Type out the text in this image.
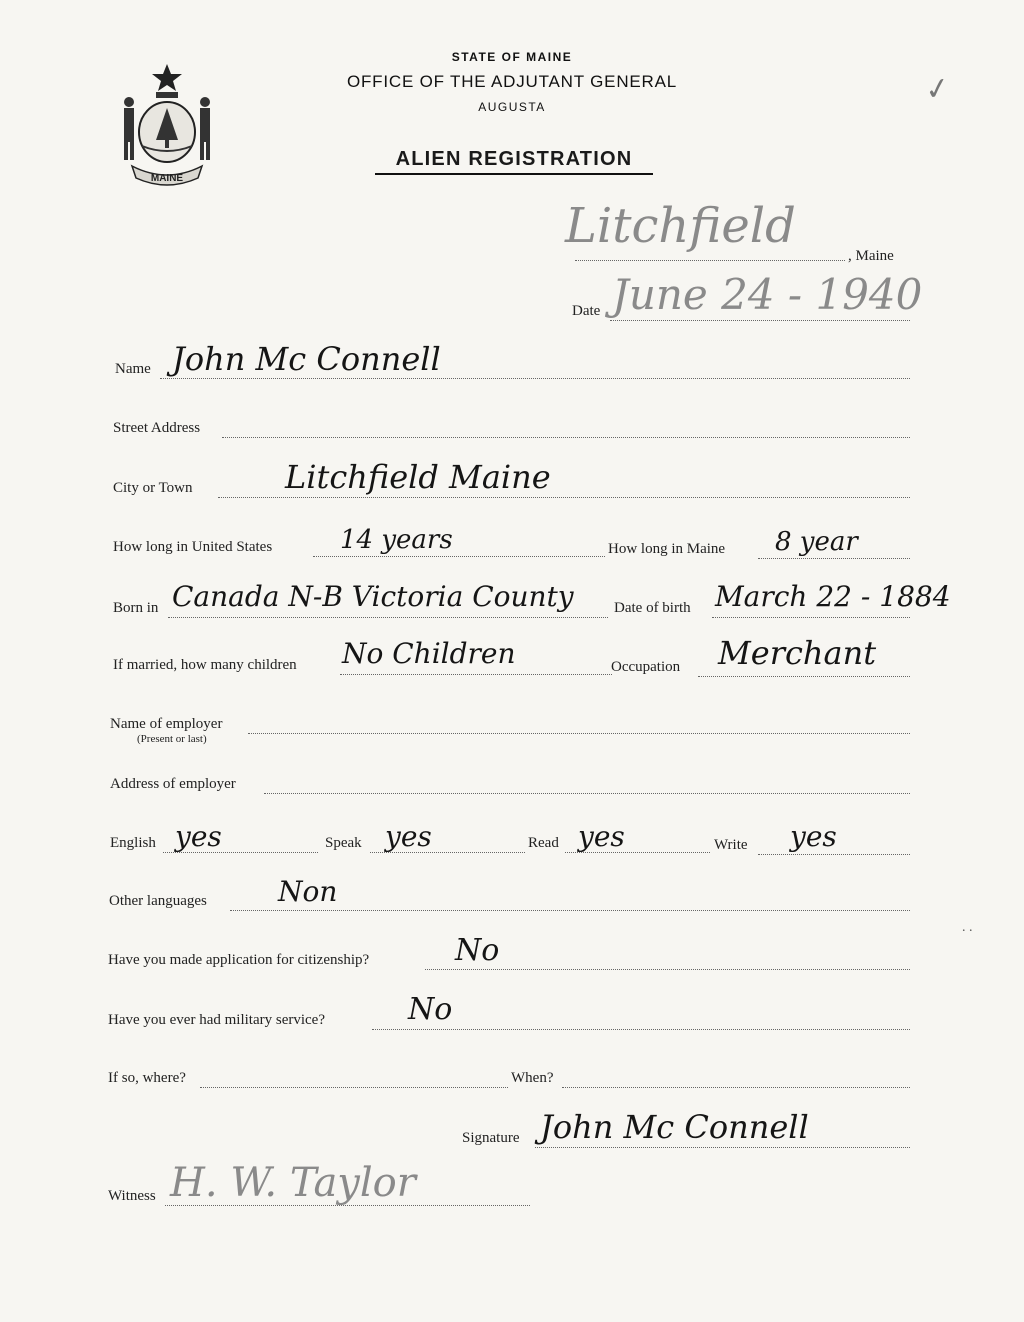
MAINE
STATE OF MAINE
OFFICE OF THE ADJUTANT GENERAL
AUGUSTA
ALIEN REGISTRATION
✓
. .
Litchfield
, Maine
Date June 24 - 1940
Name John Mc Connell
Street Address
City or Town	Litchfield Maine
How long in United States	14 years	How long in Maine 8 year
Born in Canada N-B Victoria County	Date of birth March 22 - 1884
If married, how many children No Children	Occupation Merchant
Name of employer
(Present or last)
Address of employer
English yes	Speak yes	Read yes	Write yes
Other languages	Non
Have you made application for citizenship?	No
Have you ever had military service?	No
If so, where?	When?
Signature John Mc Connell
Witness H. W. Taylor
